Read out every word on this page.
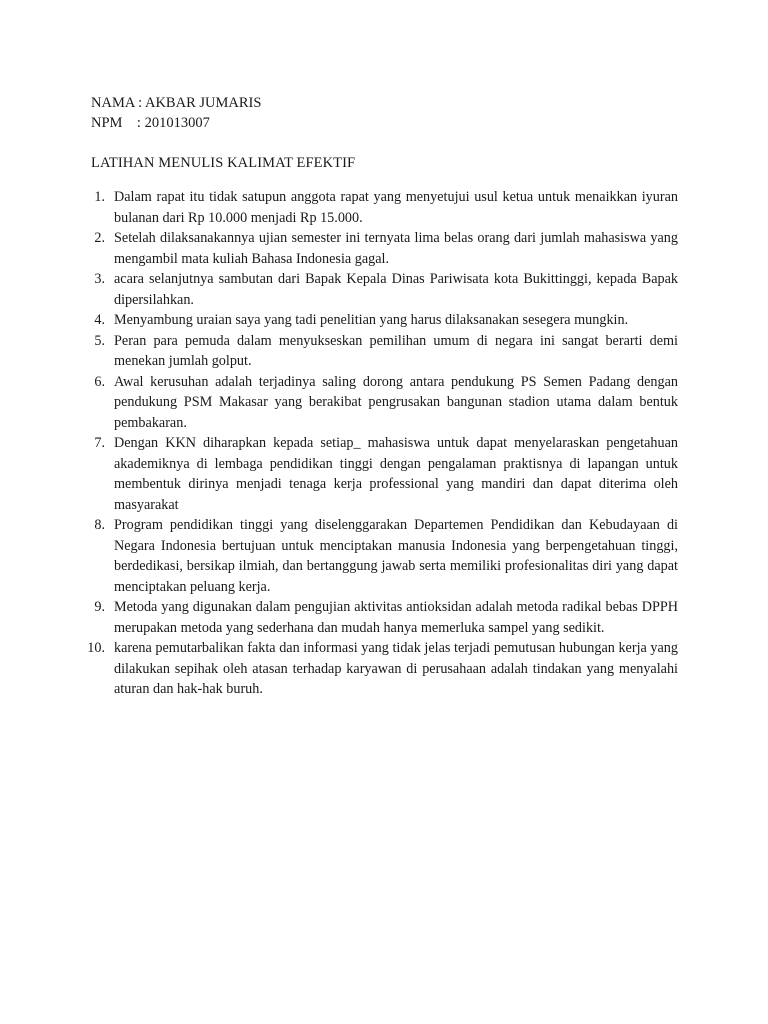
NAMA : AKBAR JUMARIS
NPM    : 201013007
LATIHAN MENULIS KALIMAT EFEKTIF
1. Dalam rapat itu tidak satupun anggota rapat yang menyetujui usul ketua untuk menaikkan iyuran bulanan dari Rp 10.000 menjadi Rp 15.000.
2. Setelah dilaksanakannya ujian semester ini ternyata lima belas orang dari jumlah mahasiswa yang mengambil mata kuliah Bahasa Indonesia gagal.
3. acara selanjutnya sambutan dari Bapak Kepala Dinas Pariwisata kota Bukittinggi, kepada Bapak dipersilahkan.
4. Menyambung uraian saya yang tadi penelitian yang harus dilaksanakan sesegera mungkin.
5. Peran para pemuda dalam menyukseskan pemilihan umum di negara ini sangat berarti demi menekan jumlah golput.
6. Awal kerusuhan adalah terjadinya saling dorong antara pendukung PS Semen Padang dengan pendukung PSM Makasar yang berakibat pengrusakan bangunan stadion utama dalam bentuk pembakaran.
7. Dengan KKN diharapkan kepada setiap_ mahasiswa untuk dapat menyelaraskan pengetahuan akademiknya di lembaga pendidikan tinggi dengan pengalaman praktisnya di lapangan untuk membentuk dirinya menjadi tenaga kerja professional yang mandiri dan dapat diterima oleh masyarakat
8. Program pendidikan tinggi yang diselenggarakan Departemen Pendidikan dan Kebudayaan di Negara Indonesia bertujuan untuk menciptakan manusia Indonesia yang berpengetahuan tinggi, berdedikasi, bersikap ilmiah, dan bertanggung jawab serta memiliki profesionalitas diri yang dapat menciptakan peluang kerja.
9. Metoda yang digunakan dalam pengujian aktivitas antioksidan adalah metoda radikal bebas DPPH merupakan metoda yang sederhana dan mudah hanya memerluka sampel yang sedikit.
10. karena pemutarbalikan fakta dan informasi yang tidak jelas terjadi pemutusan hubungan kerja yang dilakukan sepihak oleh atasan terhadap karyawan di perusahaan adalah tindakan yang menyalahi aturan dan hak-hak buruh.
